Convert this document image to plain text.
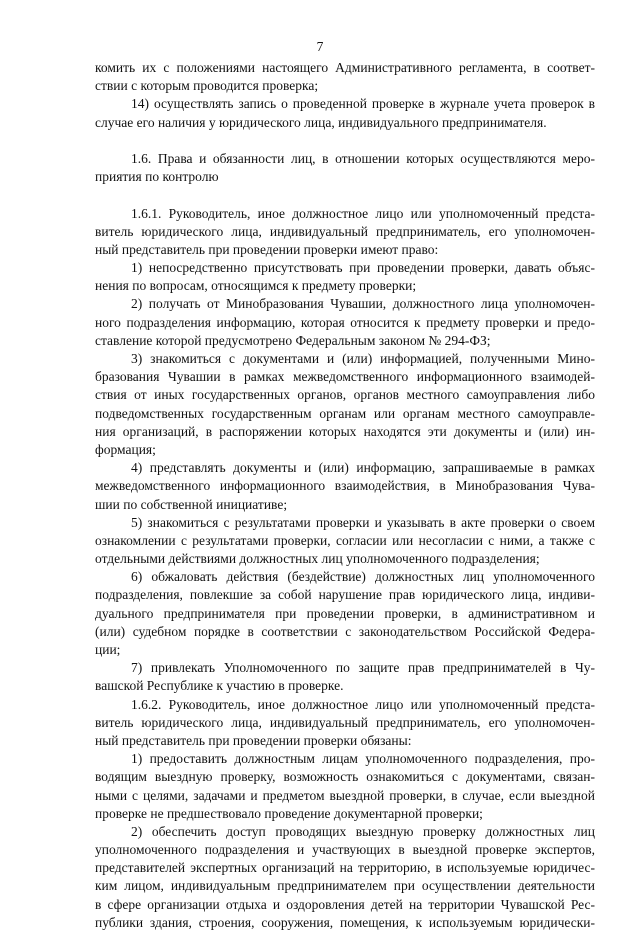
7
комить их с положениями настоящего Административного регламента, в соответ-
ствии с которым проводится проверка;
14) осуществлять запись о проведенной проверке в журнале учета проверок в
случае его наличия у юридического лица, индивидуального предпринимателя.
1.6. Права и обязанности лиц, в отношении которых осуществляются меро-
приятия по контролю
1.6.1. Руководитель, иное должностное лицо или уполномоченный предста-
витель юридического лица, индивидуальный предприниматель, его уполномочен-
ный представитель при проведении проверки имеют право:
1) непосредственно присутствовать при проведении проверки, давать объяс-
нения по вопросам, относящимся к предмету проверки;
2) получать от Минобразования Чувашии, должностного лица уполномочен-
ного подразделения информацию, которая относится к предмету проверки и предо-
ставление которой предусмотрено Федеральным законом № 294-ФЗ;
3) знакомиться с документами и (или) информацией, полученными Мино-
бразования Чувашии в рамках межведомственного информационного взаимодей-
ствия от иных государственных органов, органов местного самоуправления либо
подведомственных государственным органам или органам местного самоуправле-
ния организаций, в распоряжении которых находятся эти документы и (или) ин-
формация;
4) представлять документы и (или) информацию, запрашиваемые в рамках
межведомственного информационного взаимодействия, в Минобразования Чува-
шии по собственной инициативе;
5) знакомиться с результатами проверки и указывать в акте проверки о своем
ознакомлении с результатами проверки, согласии или несогласии с ними, а также с
отдельными действиями должностных лиц уполномоченного подразделения;
6) обжаловать действия (бездействие) должностных лиц уполномоченного
подразделения, повлекшие за собой нарушение прав юридического лица, индиви-
дуального предпринимателя при проведении проверки, в административном и
(или) судебном порядке в соответствии с законодательством Российской Федера-
ции;
7) привлекать Уполномоченного по защите прав предпринимателей в Чу-
вашской Республике к участию в проверке.
1.6.2. Руководитель, иное должностное лицо или уполномоченный предста-
витель юридического лица, индивидуальный предприниматель, его уполномочен-
ный представитель при проведении проверки обязаны:
1) предоставить должностным лицам уполномоченного подразделения, про-
водящим выездную проверку, возможность ознакомиться с документами, связан-
ными с целями, задачами и предметом выездной проверки, в случае, если выездной
проверке не предшествовало проведение документарной проверки;
2) обеспечить доступ проводящих выездную проверку должностных лиц
уполномоченного подразделения и участвующих в выездной проверке экспертов,
представителей экспертных организаций на территорию, в используемые юридичес-
ким лицом, индивидуальным предпринимателем при осуществлении деятельности
в сфере организации отдыха и оздоровления детей на территории Чувашской Рес-
публики здания, строения, сооружения, помещения, к используемым юридически-
